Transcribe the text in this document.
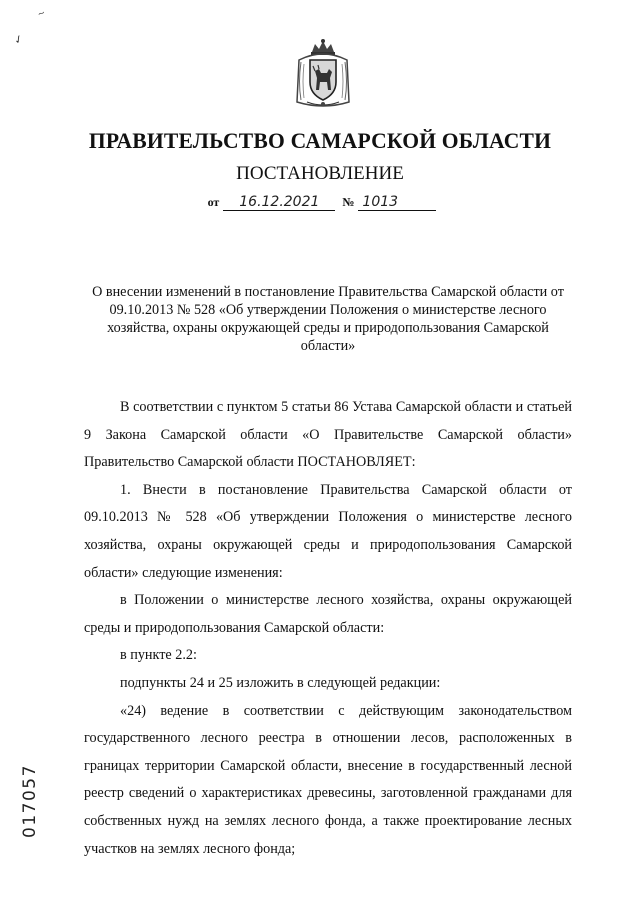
~
✓
ПРАВИТЕЛЬСТВО САМАРСКОЙ ОБЛАСТИ
ПОСТАНОВЛЕНИЕ
от 16.12.2021 № 1013
О внесении изменений в постановление Правительства Самарской области от 09.10.2013 № 528 «Об утверждении Положения о министерстве лесного хозяйства, охраны окружающей среды и природопользования Самарской области»

В соответствии с пунктом 5 статьи 86 Устава Самарской области и статьей 9 Закона Самарской области «О Правительстве Самарской области» Правительство Самарской области ПОСТАНОВЛЯЕТ:

1. Внести в постановление Правительства Самарской области от 09.10.2013 № 528 «Об утверждении Положения о министерстве лесного хозяйства, охраны окружающей среды и природопользования Самарской области» следующие изменения:

в Положении о министерстве лесного хозяйства, охраны окружающей среды и природопользования Самарской области:

в пункте 2.2:

подпункты 24 и 25 изложить в следующей редакции:

«24) ведение в соответствии с действующим законодательством государственного лесного реестра в отношении лесов, расположенных в границах территории Самарской области, внесение в государственный лесной реестр сведений о характеристиках древесины, заготовленной гражданами для собственных нужд на землях лесного фонда, а также проектирование лесных участков на землях лесного фонда;

017057
